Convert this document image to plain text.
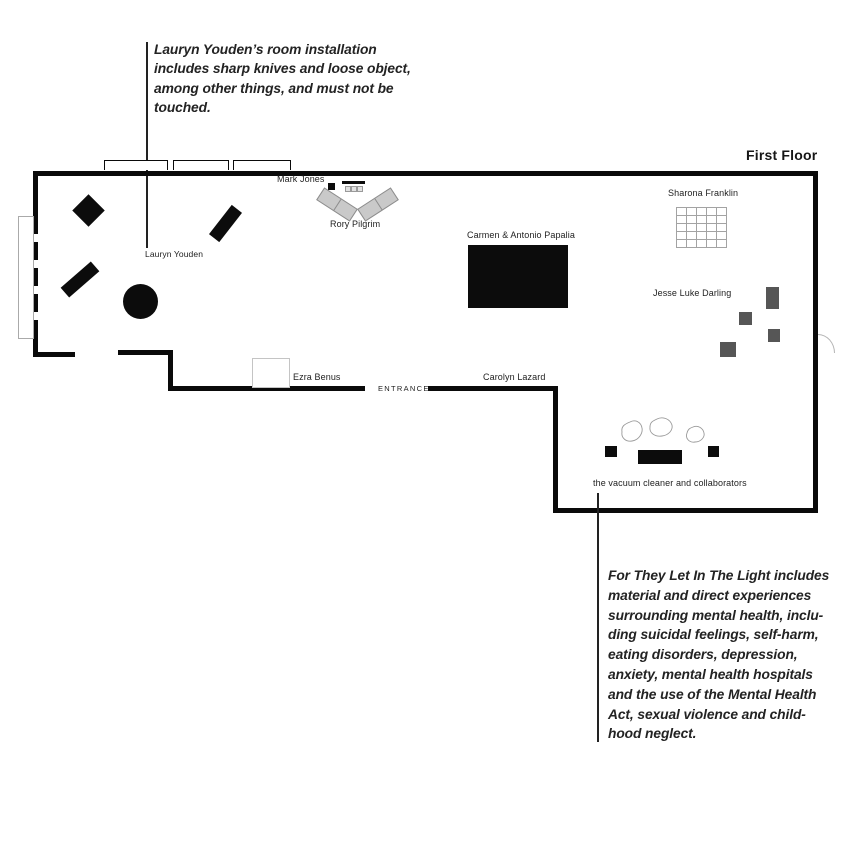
Lauryn Youden’s room installation
includes sharp knives and loose object,
among other things, and must not be
touched.
First Floor
Lauryn Youden
Mark Jones
Rory Pilgrim
Carmen & Antonio Papalia
Sharona Franklin
Jesse Luke Darling
Ezra Benus
ENTRANCE
Carolyn Lazard
the vacuum cleaner and collaborators
For They Let In The Light includes
material and direct experiences
surrounding mental health, inclu-
ding suicidal feelings, self-harm,
eating disorders, depression,
anxiety, mental health hospitals
and the use of the Mental Health
Act, sexual violence and child-
hood neglect.
